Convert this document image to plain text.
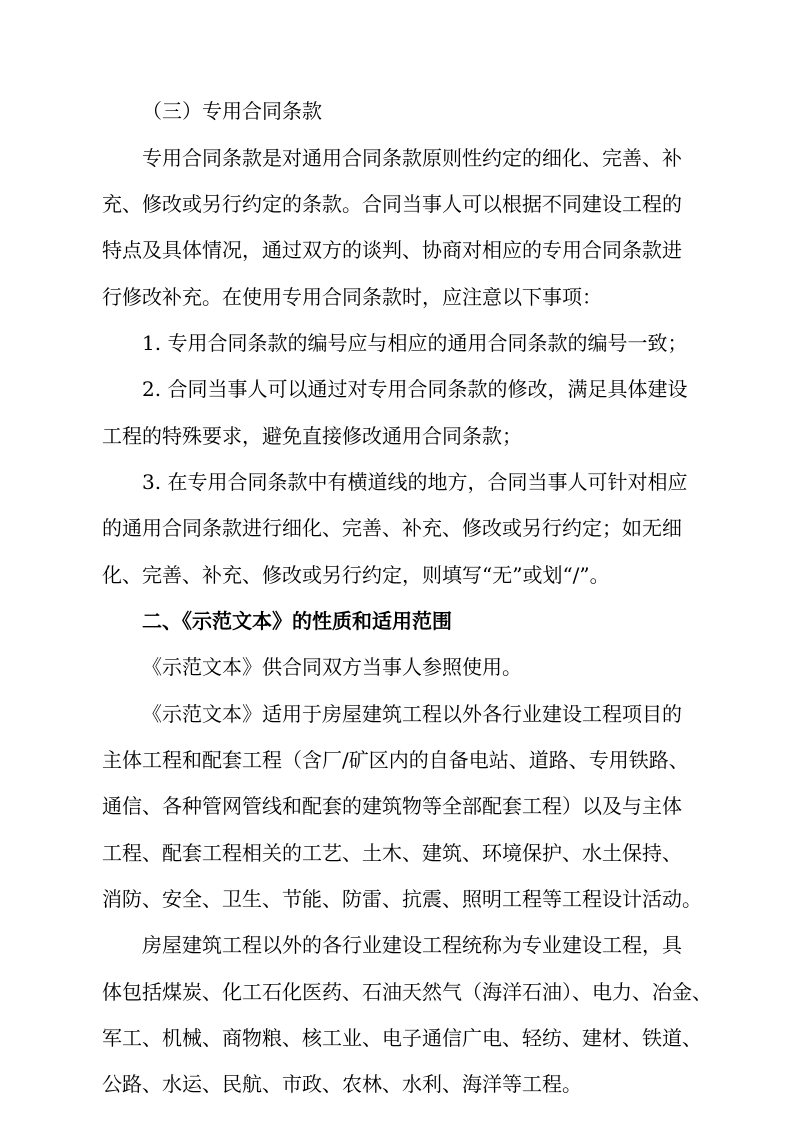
（三）专用合同条款

专用合同条款是对通用合同条款原则性约定的细化、完善、补

充、修改或另行约定的条款。合同当事人可以根据不同建设工程的

特点及具体情况，通过双方的谈判、协商对相应的专用合同条款进

行修改补充。在使用专用合同条款时，应注意以下事项：

1. 专用合同条款的编号应与相应的通用合同条款的编号一致；

2. 合同当事人可以通过对专用合同条款的修改，满足具体建设

工程的特殊要求，避免直接修改通用合同条款；

3. 在专用合同条款中有横道线的地方，合同当事人可针对相应

的通用合同条款进行细化、完善、补充、修改或另行约定；如无细

化、完善、补充、修改或另行约定，则填写“无”或划“/”。

二、《示范文本》的性质和适用范围

《示范文本》供合同双方当事人参照使用。

《示范文本》适用于房屋建筑工程以外各行业建设工程项目的

主体工程和配套工程（含厂/矿区内的自备电站、道路、专用铁路、

通信、各种管网管线和配套的建筑物等全部配套工程）以及与主体

工程、配套工程相关的工艺、土木、建筑、环境保护、水土保持、

消防、安全、卫生、节能、防雷、抗震、照明工程等工程设计活动。

房屋建筑工程以外的各行业建设工程统称为专业建设工程，具

体包括煤炭、化工石化医药、石油天然气（海洋石油）、电力、冶金、

军工、机械、商物粮、核工业、电子通信广电、轻纺、建材、铁道、

公路、水运、民航、市政、农林、水利、海洋等工程。
